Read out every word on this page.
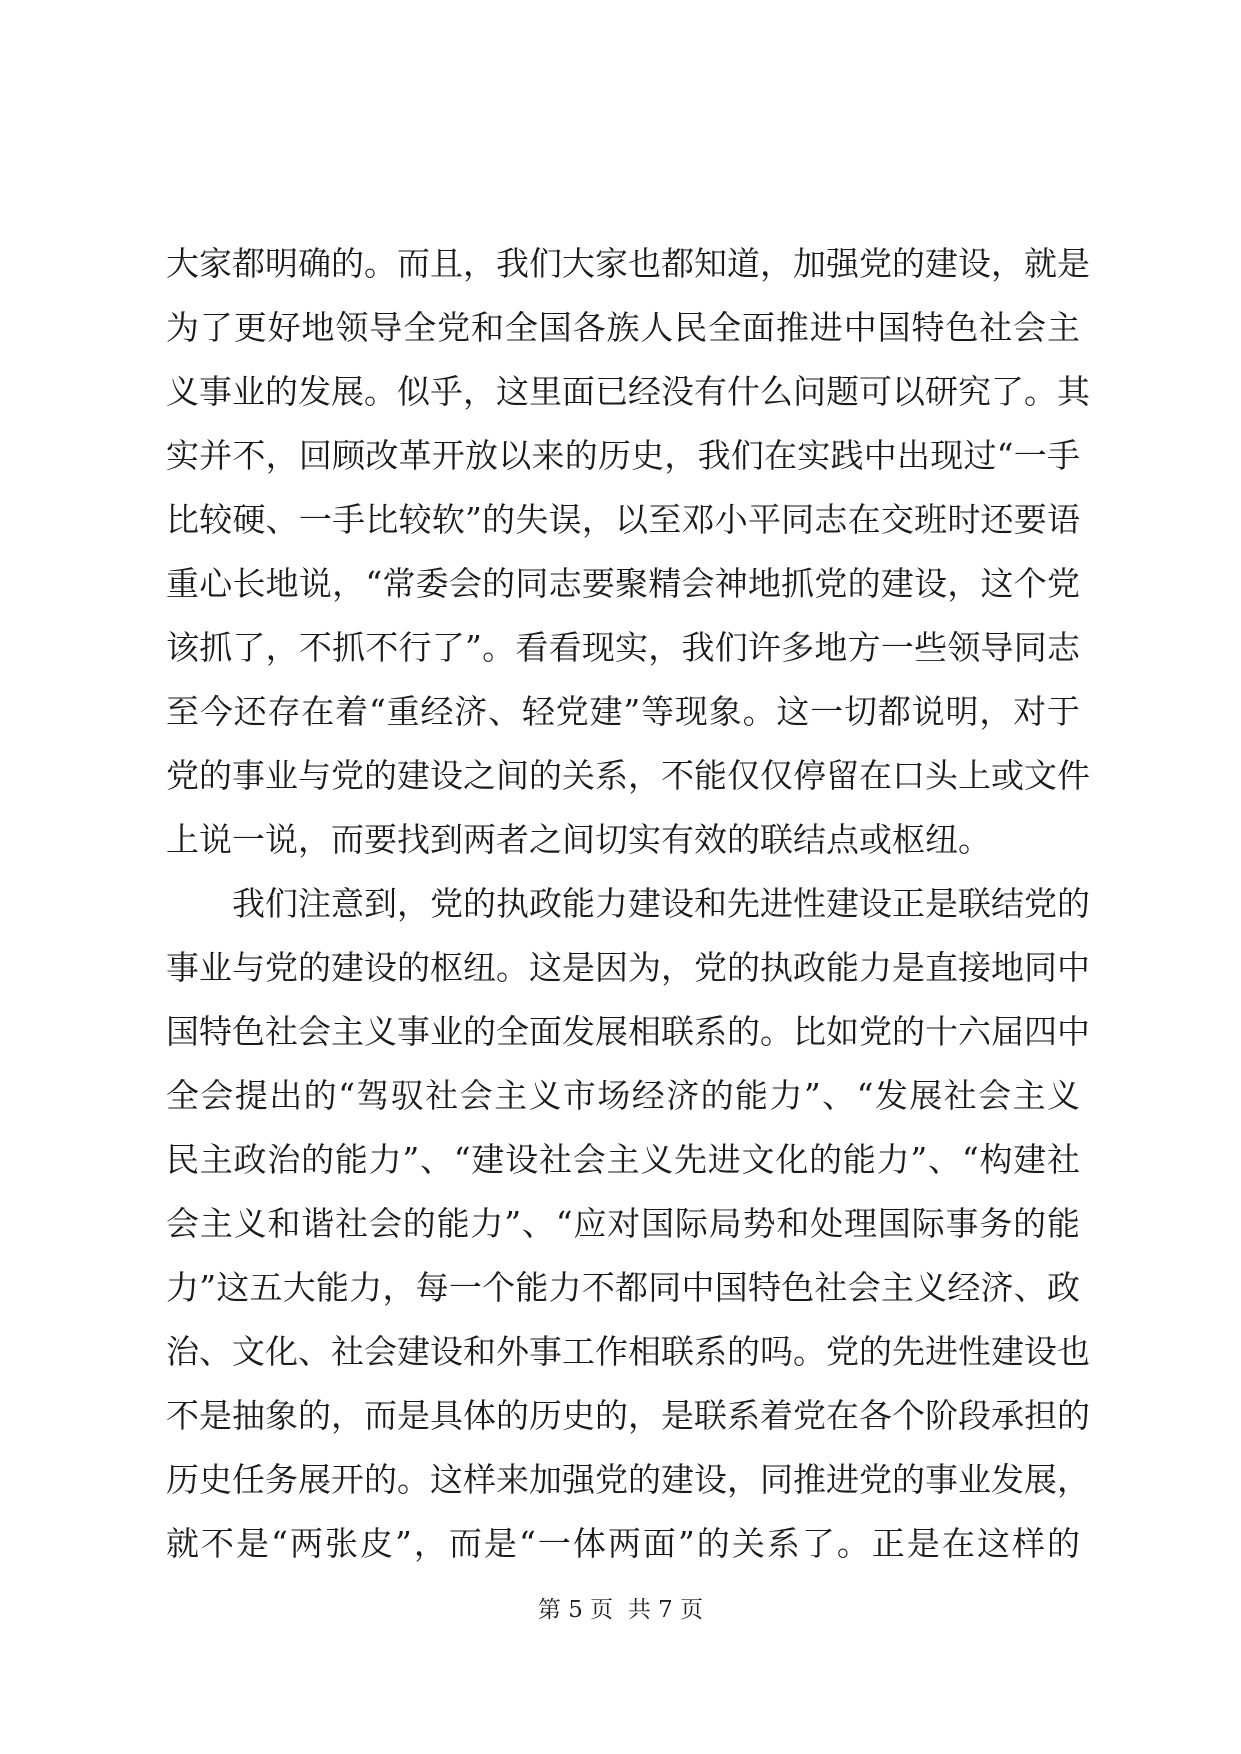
大家都明确的。而且，我们大家也都知道，加强党的建设，就是
为了更好地领导全党和全国各族人民全面推进中国特色社会主
义事业的发展。似乎，这里面已经没有什么问题可以研究了。其
实并不，回顾改革开放以来的历史，我们在实践中出现过“一手
比较硬、一手比较软”的失误，以至邓小平同志在交班时还要语
重心长地说，“常委会的同志要聚精会神地抓党的建设，这个党
该抓了，不抓不行了”。看看现实，我们许多地方一些领导同志
至今还存在着“重经济、轻党建”等现象。这一切都说明，对于
党的事业与党的建设之间的关系，不能仅仅停留在口头上或文件
上说一说，而要找到两者之间切实有效的联结点或枢纽。
　　我们注意到，党的执政能力建设和先进性建设正是联结党的
事业与党的建设的枢纽。这是因为，党的执政能力是直接地同中
国特色社会主义事业的全面发展相联系的。比如党的十六届四中
全会提出的“驾驭社会主义市场经济的能力”、“发展社会主义
民主政治的能力”、“建设社会主义先进文化的能力”、“构建社
会主义和谐社会的能力”、“应对国际局势和处理国际事务的能
力”这五大能力，每一个能力不都同中国特色社会主义经济、政
治、文化、社会建设和外事工作相联系的吗。党的先进性建设也
不是抽象的，而是具体的历史的，是联系着党在各个阶段承担的
历史任务展开的。这样来加强党的建设，同推进党的事业发展，
就不是“两张皮”，而是“一体两面”的关系了。正是在这样的
第 5 页 共 7 页
